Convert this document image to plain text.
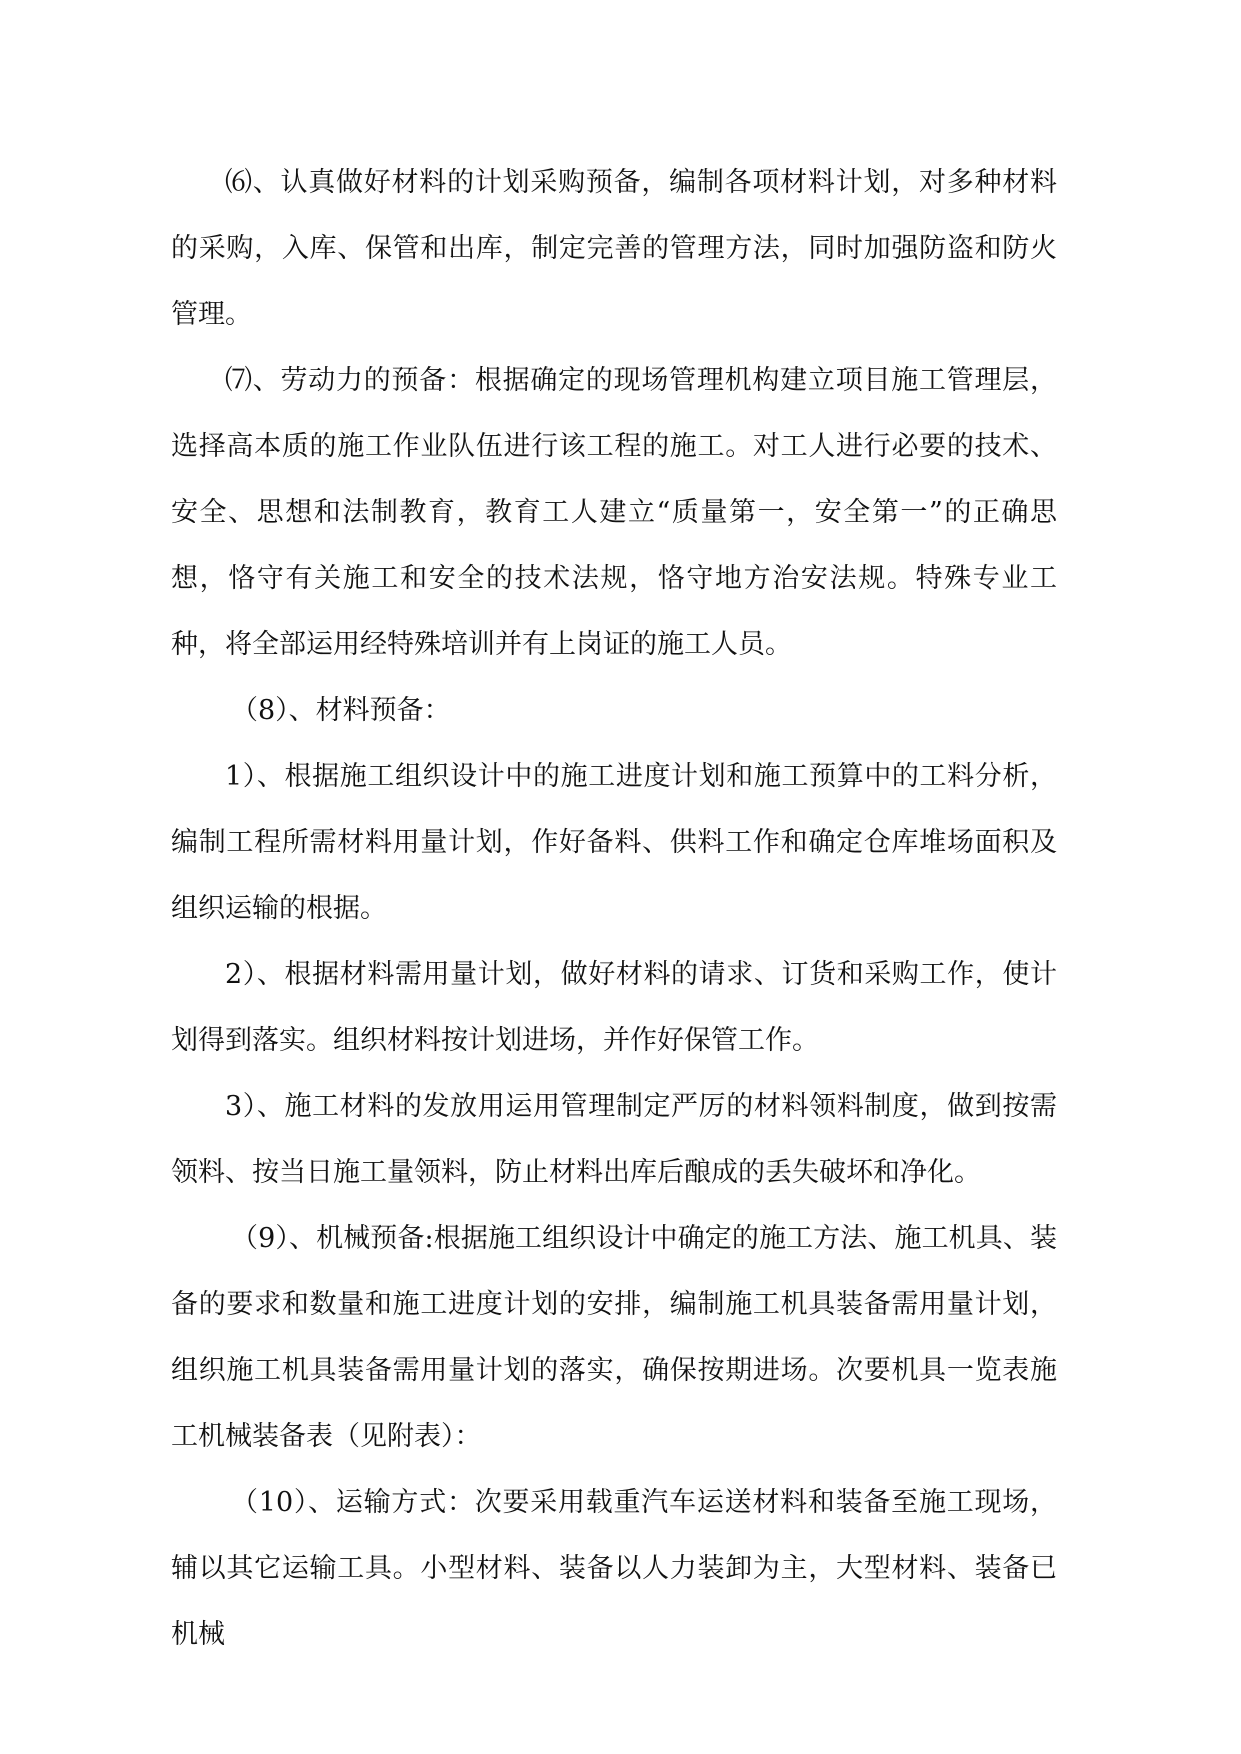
⑹、认真做好材料的计划采购预备，编制各项材料计划，对多种材料的采购，入库、保管和出库，制定完善的管理方法，同时加强防盗和防火管理。

⑺、劳动力的预备：根据确定的现场管理机构建立项目施工管理层，选择高本质的施工作业队伍进行该工程的施工。对工人进行必要的技术、安全、思想和法制教育，教育工人建立“质量第一，安全第一”的正确思想，恪守有关施工和安全的技术法规，恪守地方治安法规。特殊专业工种，将全部运用经特殊培训并有上岗证的施工人员。

（8）、材料预备：

1）、根据施工组织设计中的施工进度计划和施工预算中的工料分析，编制工程所需材料用量计划，作好备料、供料工作和确定仓库堆场面积及组织运输的根据。

2）、根据材料需用量计划，做好材料的请求、订货和采购工作，使计划得到落实。组织材料按计划进场，并作好保管工作。

3）、施工材料的发放用运用管理制定严厉的材料领料制度，做到按需领料、按当日施工量领料，防止材料出库后酿成的丢失破坏和净化。

（9）、机械预备:根据施工组织设计中确定的施工方法、施工机具、装备的要求和数量和施工进度计划的安排，编制施工机具装备需用量计划，组织施工机具装备需用量计划的落实，确保按期进场。次要机具一览表施工机械装备表（见附表）：

（10）、运输方式：次要采用载重汽车运送材料和装备至施工现场，辅以其它运输工具。小型材料、装备以人力装卸为主，大型材料、装备已机械
